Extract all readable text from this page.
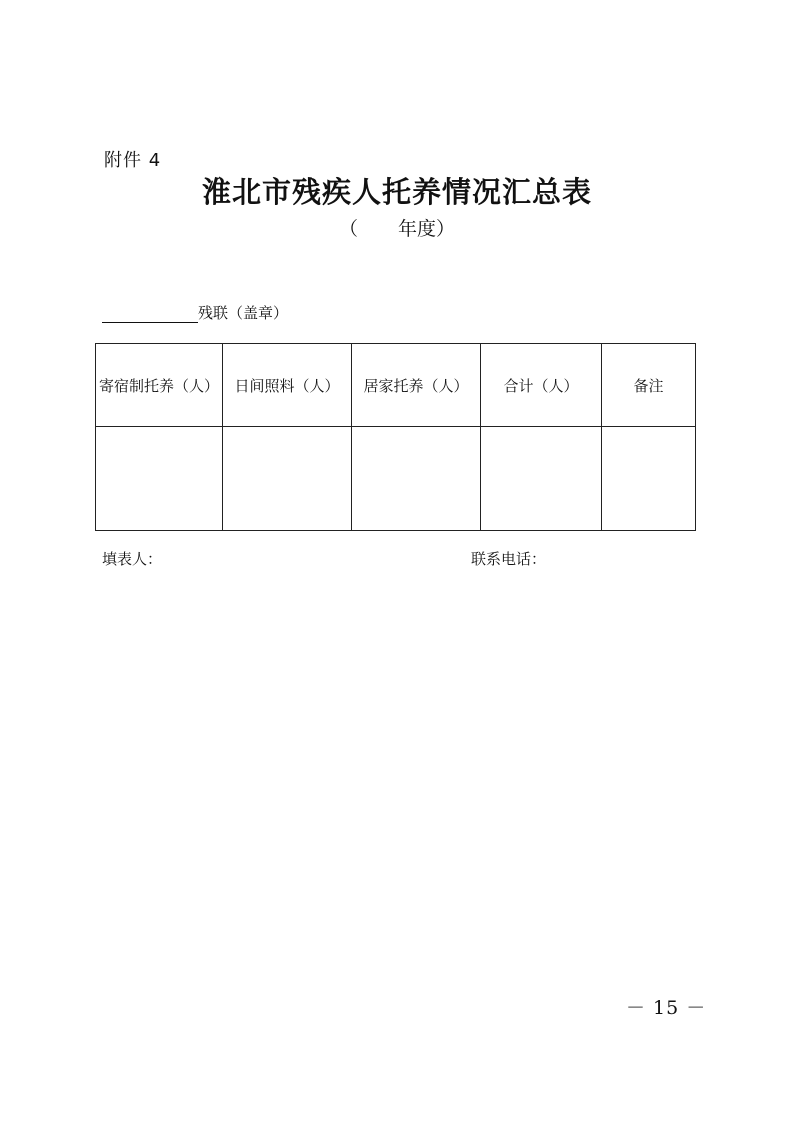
附件 4
淮北市残疾人托养情况汇总表
（ 年度）
残联（盖章）
寄宿制托养（人）	日间照料（人）	居家托养（人）	合计（人）	备注

填表人：	联系电话：
－ 15 －
